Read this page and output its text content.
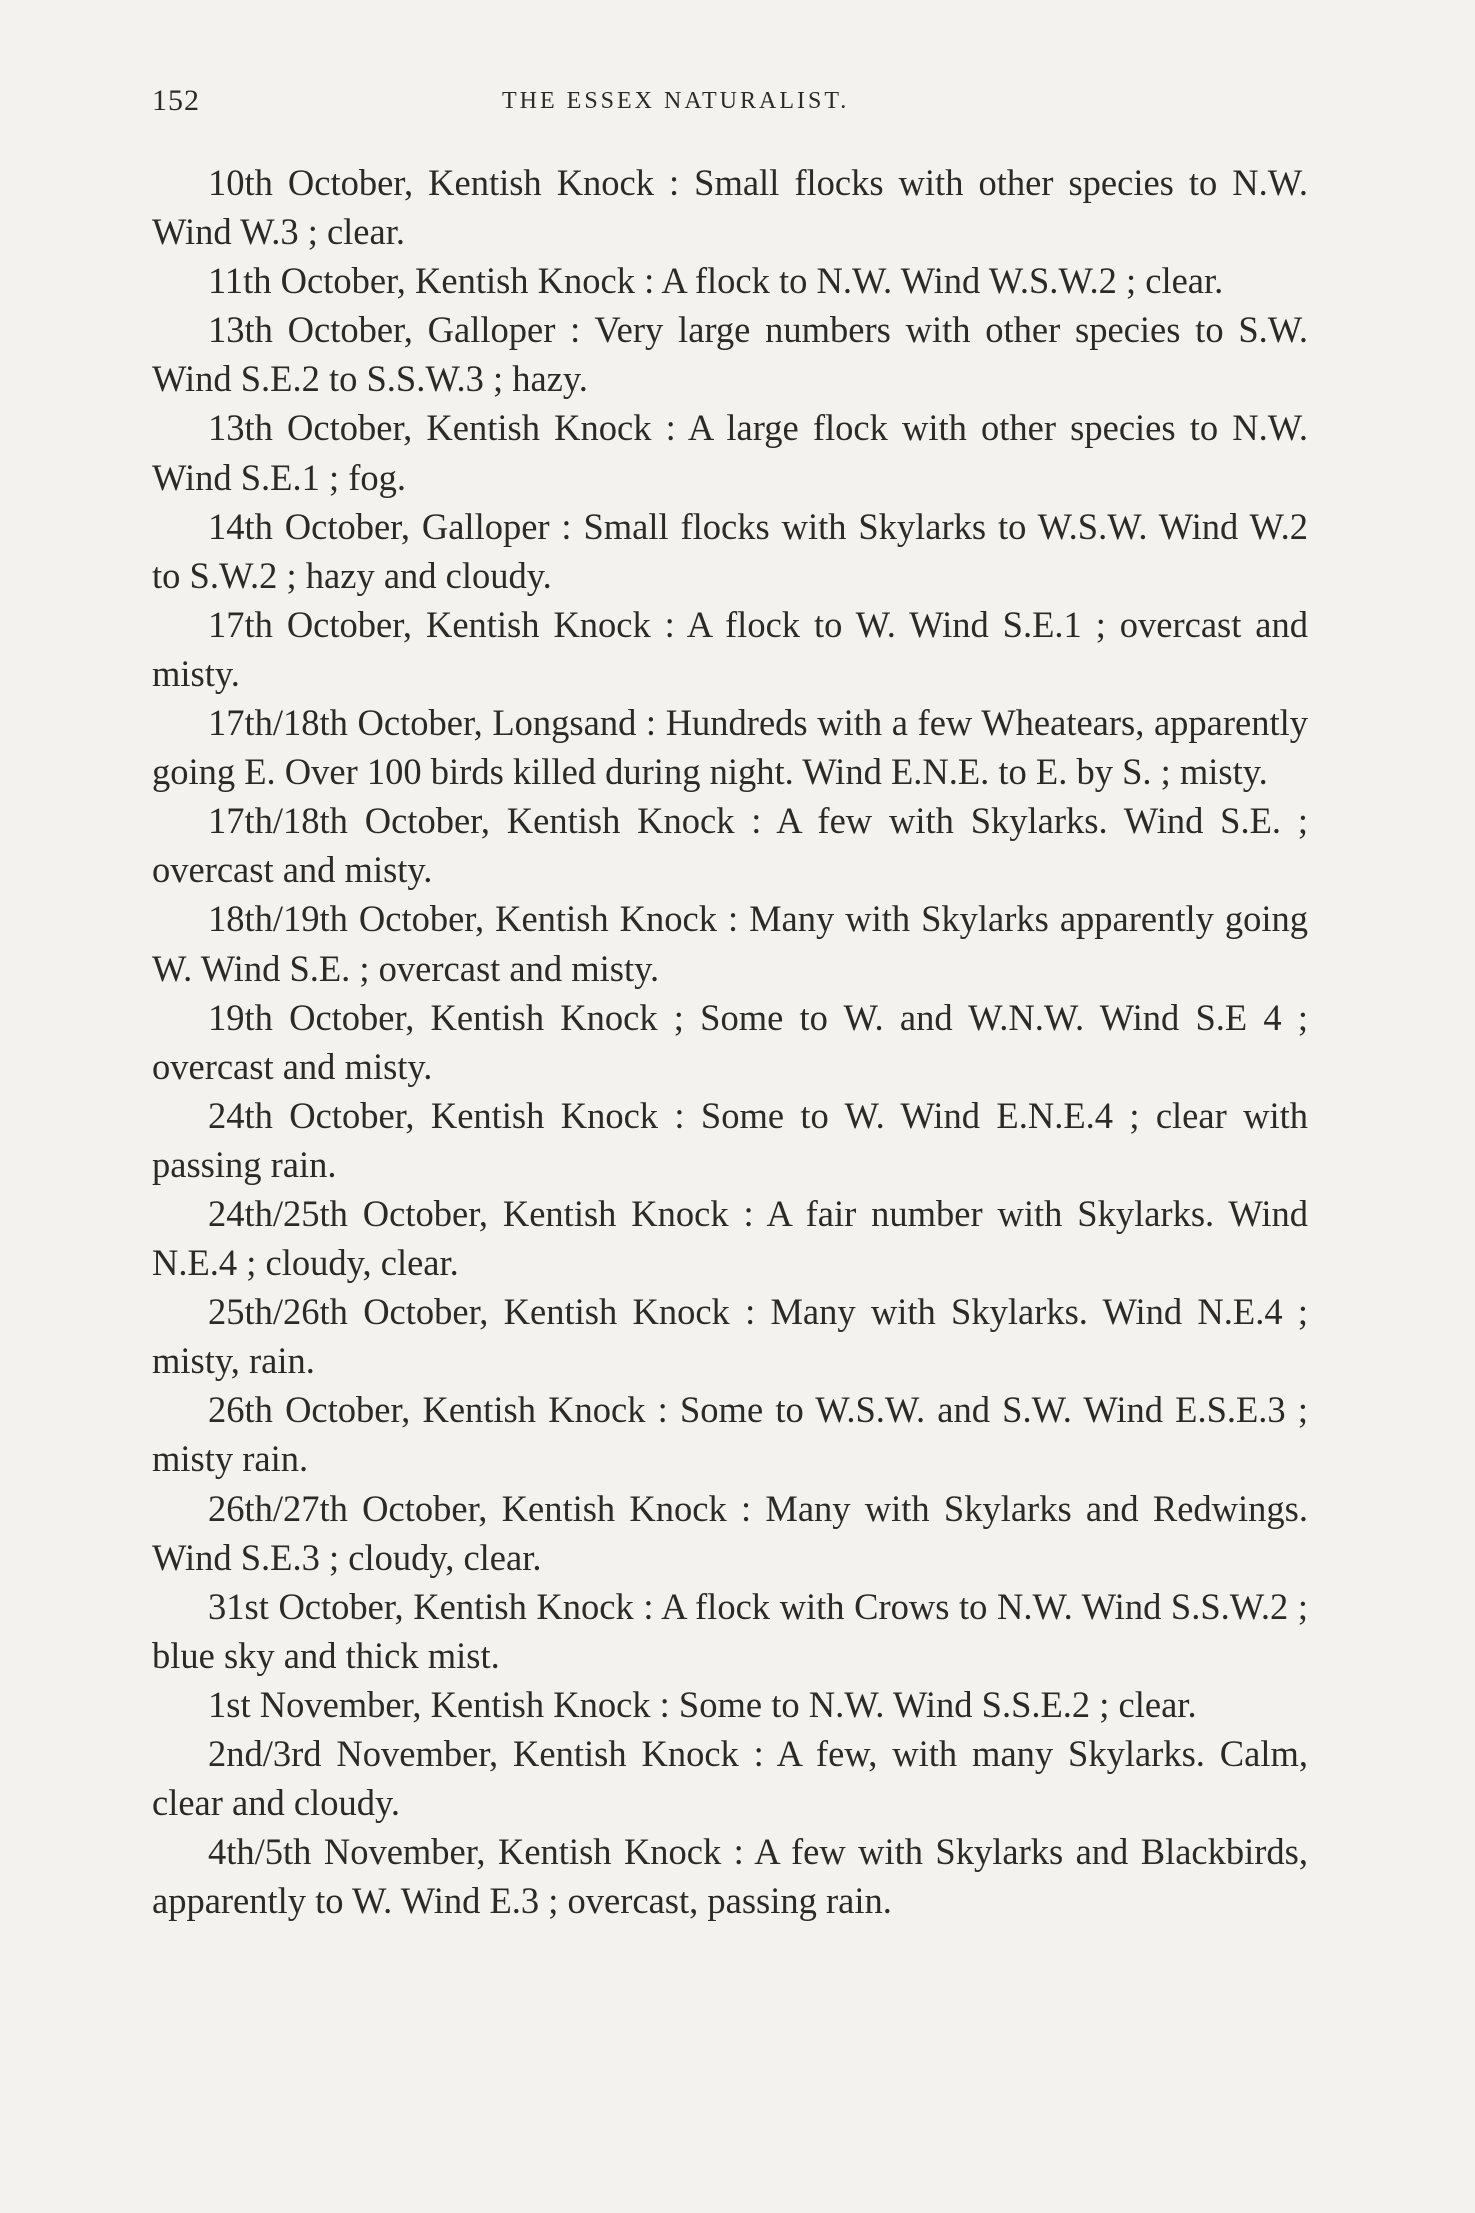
152	THE ESSEX NATURALIST.

10th October, Kentish Knock : Small flocks with other species to N.W. Wind W.3 ; clear.

11th October, Kentish Knock : A flock to N.W. Wind W.S.W.2 ; clear.

13th October, Galloper : Very large numbers with other species to S.W. Wind S.E.2 to S.S.W.3 ; hazy.

13th October, Kentish Knock : A large flock with other species to N.W. Wind S.E.1 ; fog.

14th October, Galloper : Small flocks with Skylarks to W.S.W. Wind W.2 to S.W.2 ; hazy and cloudy.

17th October, Kentish Knock : A flock to W. Wind S.E.1 ; overcast and misty.

17th/18th October, Longsand : Hundreds with a few Wheatears, apparently going E. Over 100 birds killed during night. Wind E.N.E. to E. by S. ; misty.

17th/18th October, Kentish Knock : A few with Skylarks. Wind S.E. ; overcast and misty.

18th/19th October, Kentish Knock : Many with Skylarks apparently going W. Wind S.E. ; overcast and misty.

19th October, Kentish Knock ; Some to W. and W.N.W. Wind S.E 4 ; overcast and misty.

24th October, Kentish Knock : Some to W. Wind E.N.E.4 ; clear with passing rain.

24th/25th October, Kentish Knock : A fair number with Skylarks. Wind N.E.4 ; cloudy, clear.

25th/26th October, Kentish Knock : Many with Skylarks. Wind N.E.4 ; misty, rain.

26th October, Kentish Knock : Some to W.S.W. and S.W. Wind E.S.E.3 ; misty rain.

26th/27th October, Kentish Knock : Many with Skylarks and Redwings. Wind S.E.3 ; cloudy, clear.

31st October, Kentish Knock : A flock with Crows to N.W. Wind S.S.W.2 ; blue sky and thick mist.

1st November, Kentish Knock : Some to N.W. Wind S.S.E.2 ; clear.

2nd/3rd November, Kentish Knock : A few, with many Skylarks. Calm, clear and cloudy.

4th/5th November, Kentish Knock : A few with Skylarks and Blackbirds, apparently to W. Wind E.3 ; overcast, passing rain.
